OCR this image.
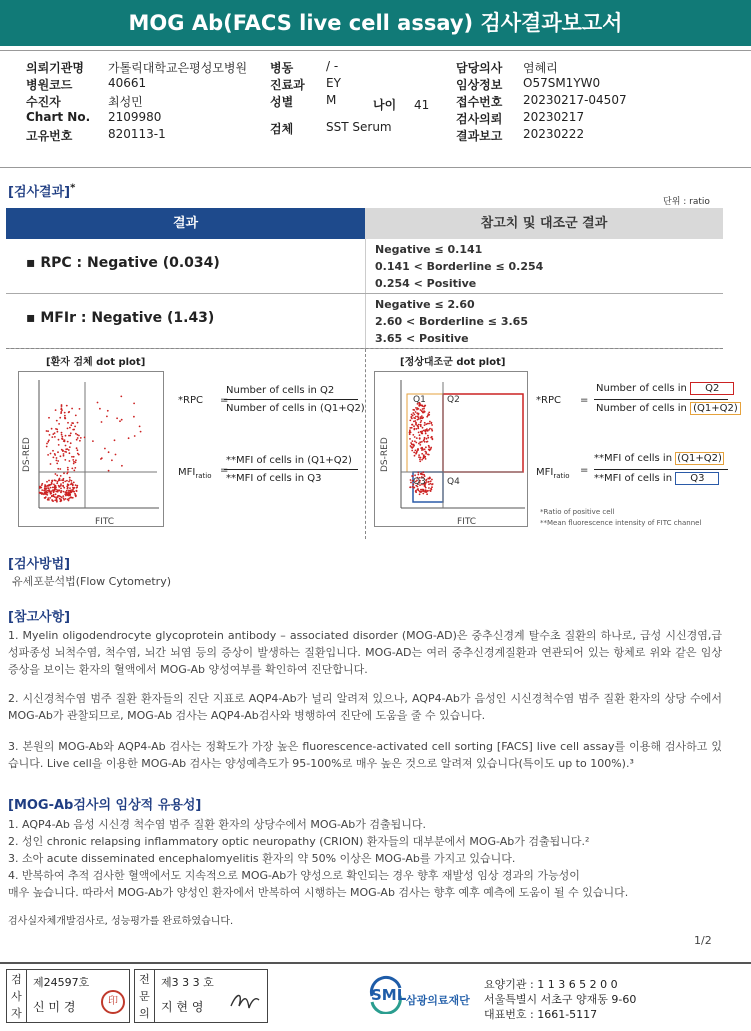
MOG Ab(FACS live cell assay) 검사결과보고서
의뢰기관명 가톨릭대학교은평성모병원
병원코드	40661
수진자	최성민
Chart No. 2109980
고유번호	820113-1
병동	/ -
진료과 EY
성별	M
검체	SST Serum
담당의사 염혜리
임상정보 O57SM1YW0
접수번호 20230217-04507
검사의뢰 20230217
결과보고 20230222
나이 41
[검사결과]*
단위 : ratio
결과	참고치 및 대조군 결과
▪ RPC : Negative (0.034)
Negative ≤ 0.141
0.141 < Borderline ≤ 0.254
0.254 < Positive
▪ MFIr : Negative (1.43)
Negative ≤ 2.60
2.60 < Borderline ≤ 3.65
3.65 < Positive
[환자 검체 dot plot]	[정상대조군 dot plot]
FITC
DS-RED
*RPC =
Number of cells in Q2
Number of cells in (Q1+Q2)
$MFI_{ratio}$ =
**MFI of cells in (Q1+Q2)
**MFI of cells in Q3
Q1 Q2
Q3 Q4
FITC
DS-RED
*RPC =
Number of cells in Q2
Number of cells in (Q1+Q2)
$MFI_{ratio}$ =
**MFI of cells in (Q1+Q2)
**MFI of cells in Q3
*Ratio of positive cell
**Mean fluorescence intensity of FITC channel
[검사방법]
유세포분석법(Flow Cytometry)
[참고사항]
1. Myelin oligodendrocyte glycoprotein antibody – associated disorder (MOG-AD)은 중추신경계 탈수초 질환의 하나로, 급성 시신경염,급성파종성 뇌척수염, 척수염, 뇌간 뇌염 등의 증상이 발생하는 질환입니다. MOG-AD는 여러 중추신경계질환과 연관되어 있는 항체로 위와 같은 임상 증상을 보이는 환자의 혈액에서 MOG-Ab 양성여부를 확인하여 진단합니다.
2. 시신경척수염 범주 질환 환자들의 진단 지표로 AQP4-Ab가 널리 알려져 있으나, AQP4-Ab가 음성인 시신경척수염 범주 질환 환자의 상당 수에서 MOG-Ab가 관찰되므로, MOG-Ab 검사는 AQP4-Ab검사와 병행하여 진단에 도움을 줄 수 있습니다.
3. 본원의 MOG-Ab와 AQP4-Ab 검사는 정확도가 가장 높은 fluorescence-activated cell sorting [FACS] live cell assay를 이용해 검사하고 있습니다. Live cell을 이용한 MOG-Ab 검사는 양성예측도가 95-100%로 매우 높은 것으로 알려져 있습니다(특이도 up to 100%).³
[MOG-Ab검사의 임상적 유용성]
1. AQP4-Ab 음성 시신경 척수염 범주 질환 환자의 상당수에서 MOG-Ab가 검출됩니다.
2. 성인 chronic relapsing inflammatory optic neuropathy (CRION) 환자들의 대부분에서 MOG-Ab가 검출됩니다.²
3. 소아 acute disseminated encephalomyelitis 환자의 약 50% 이상은 MOG-Ab를 가지고 있습니다.
4. 반복하여 추적 검사한 혈액에서도 지속적으로 MOG-Ab가 양성으로 확인되는 경우 향후 재발성 임상 경과의 가능성이
매우 높습니다. 따라서 MOG-Ab가 양성인 환자에서 반복하여 시행하는 MOG-Ab 검사는 향후 예후 예측에 도움이 될 수 있습니다.
검사실자체개발검사로, 성능평가를 완료하였습니다.
1/2
검
사
자
제24597호
신 미 경	印
전
문
의
제3 3 3 호
지 현 영
SML 삼광의료재단
요양기관 : 1 1 3 6 5 2 0 0
서울특별시 서초구 양재동 9-60
대표번호 : 1661-5117
